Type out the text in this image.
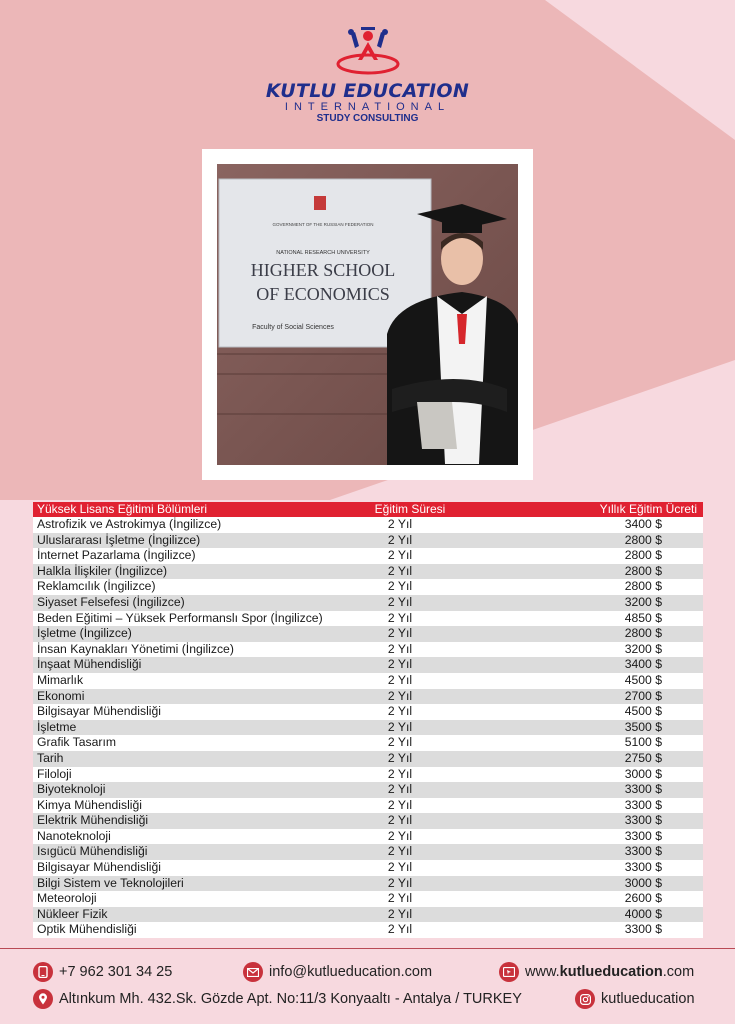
KUTLU EDUCATION
INTERNATIONAL
STUDY CONSULTING
GOVERNMENT OF THE RUSSIAN FEDERATION
NATIONAL RESEARCH UNIVERSITY
HIGHER SCHOOL
OF ECONOMICS
Faculty of Social Sciences
Yüksek Lisans Eğitimi Bölümleri	Eğitim Süresi	Yıllık Eğitim Ücreti
Astrofizik ve Astrokimya (İngilizce)	2 Yıl	3400 $
Uluslararası İşletme (İngilizce)	2 Yıl	2800 $
İnternet Pazarlama (İngilizce)	2 Yıl	2800 $
Halkla İlişkiler (İngilizce)	2 Yıl	2800 $
Reklamcılık (İngilizce)	2 Yıl	2800 $
Siyaset Felsefesi (İngilizce)	2 Yıl	3200 $
Beden Eğitimi – Yüksek Performanslı Spor (İngilizce)	2 Yıl	4850 $
İşletme (İngilizce)	2 Yıl	2800 $
İnsan Kaynakları Yönetimi (İngilizce)	2 Yıl	3200 $
İnşaat Mühendisliği	2 Yıl	3400 $
Mimarlık	2 Yıl	4500 $
Ekonomi	2 Yıl	2700 $
Bilgisayar Mühendisliği	2 Yıl	4500 $
İşletme	2 Yıl	3500 $
Grafik Tasarım	2 Yıl	5100 $
Tarih	2 Yıl	2750 $
Filoloji	2 Yıl	3000 $
Biyoteknoloji	2 Yıl	3300 $
Kimya Mühendisliği	2 Yıl	3300 $
Elektrik Mühendisliği	2 Yıl	3300 $
Nanoteknoloji	2 Yıl	3300 $
Isıgücü Mühendisliği	2 Yıl	3300 $
Bilgisayar Mühendisliği	2 Yıl	3300 $
Bilgi Sistem ve Teknolojileri	2 Yıl	3000 $
Meteoroloji	2 Yıl	2600 $
Nükleer Fizik	2 Yıl	4000 $
Optik Mühendisliği	2 Yıl	3300 $
+7 962 301 34 25	info@kutlueducation.com	www.kutlueducation.com
Altınkum Mh. 432.Sk. Gözde Apt. No:11/3 Konyaaltı - Antalya / TURKEY	kutlueducation
